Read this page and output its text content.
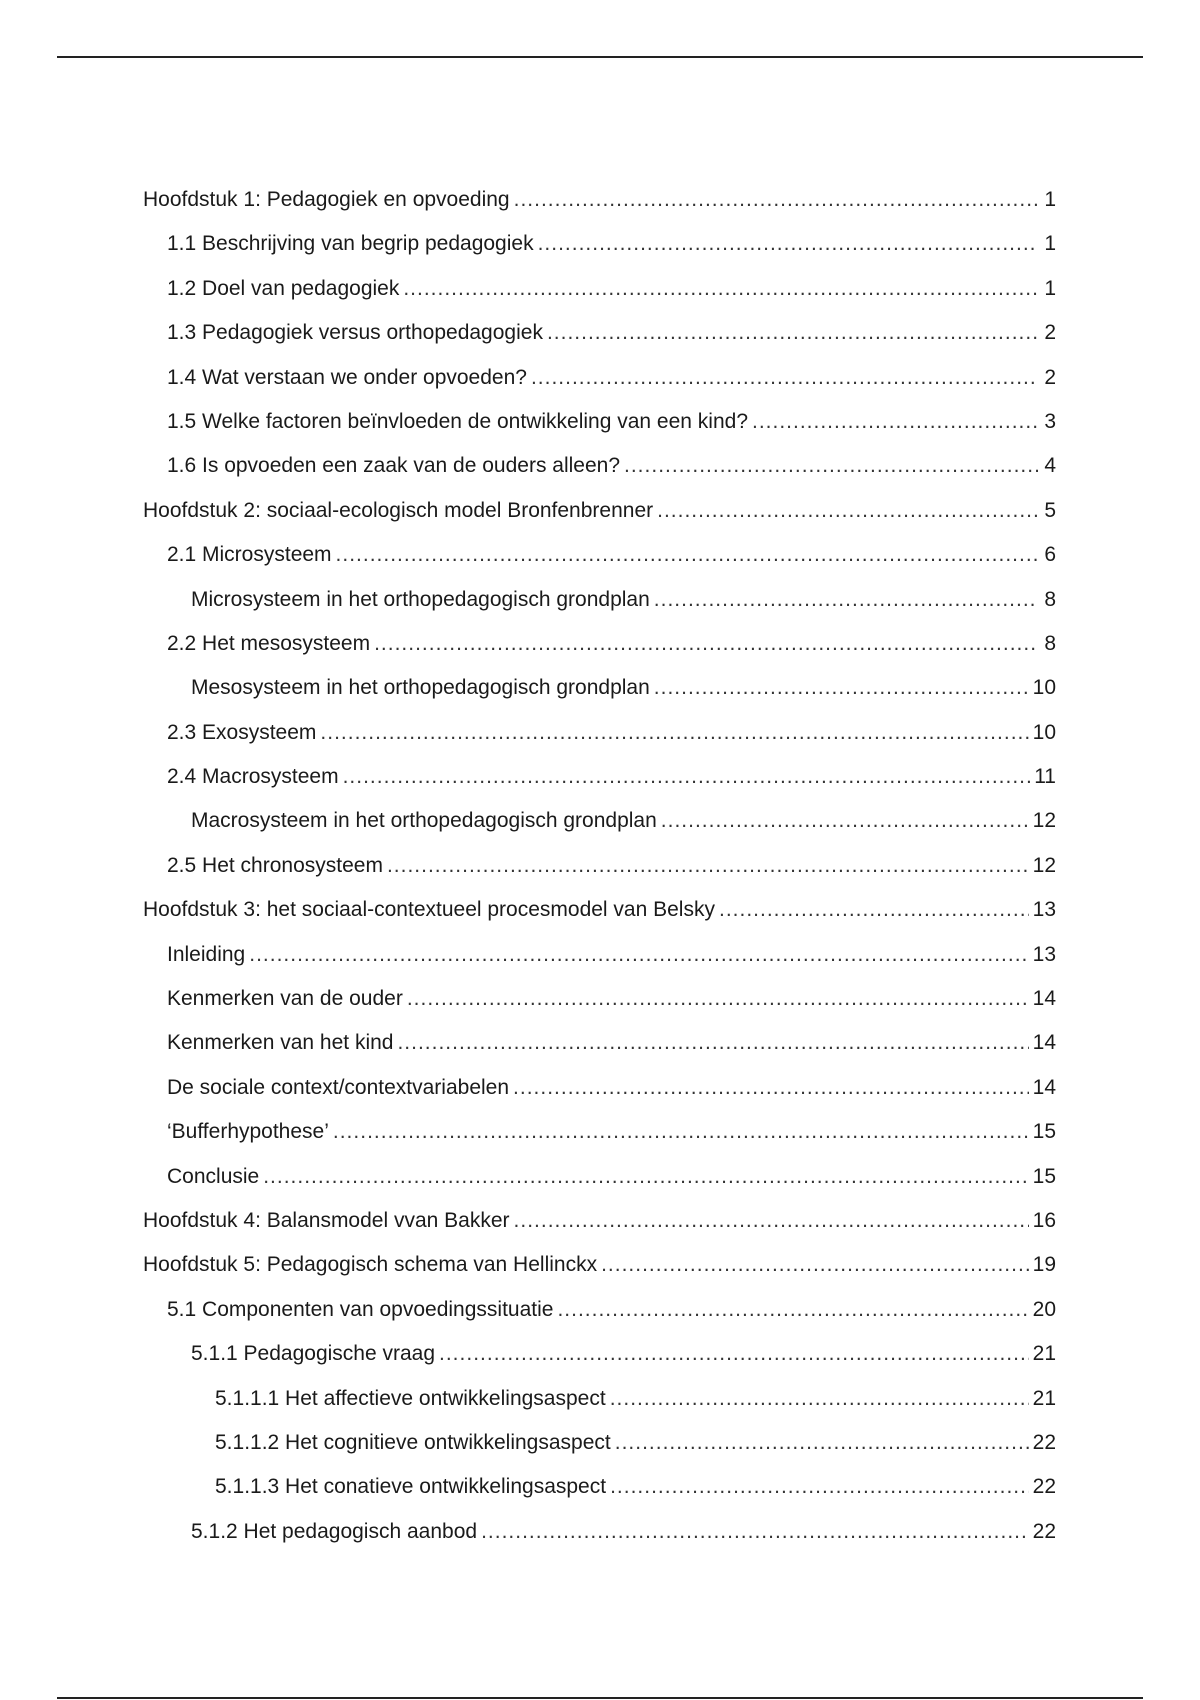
Hoofdstuk 1: Pedagogiek en opvoeding .....	1
1.1 Beschrijving van begrip pedagogiek .....	1
1.2 Doel van pedagogiek .....	1
1.3 Pedagogiek versus orthopedagogiek .....	2
1.4 Wat verstaan we onder opvoeden? .....	2
1.5 Welke factoren beïnvloeden de ontwikkeling van een kind? .....	3
1.6 Is opvoeden een zaak van de ouders alleen? .....	4
Hoofdstuk 2: sociaal-ecologisch model Bronfenbrenner .....	5
2.1 Microsysteem .....	6
Microsysteem in het orthopedagogisch grondplan .....	8
2.2 Het mesosysteem .....	8
Mesosysteem in het orthopedagogisch grondplan .....	10
2.3 Exosysteem .....	10
2.4 Macrosysteem .....	11
Macrosysteem in het orthopedagogisch grondplan .....	12
2.5 Het chronosysteem .....	12
Hoofdstuk 3: het sociaal-contextueel procesmodel van Belsky .....	13
Inleiding .....	13
Kenmerken van de ouder .....	14
Kenmerken van het kind .....	14
De sociale context/contextvariabelen .....	14
‘Bufferhypothese’ .....	15
Conclusie .....	15
Hoofdstuk 4: Balansmodel vvan Bakker .....	16
Hoofdstuk 5: Pedagogisch schema van Hellinckx .....	19
5.1 Componenten van opvoedingssituatie .....	20
5.1.1 Pedagogische vraag .....	21
5.1.1.1 Het affectieve ontwikkelingsaspect .....	21
5.1.1.2 Het cognitieve ontwikkelingsaspect .....	22
5.1.1.3 Het conatieve ontwikkelingsaspect .....	22
5.1.2 Het pedagogisch aanbod .....	22
